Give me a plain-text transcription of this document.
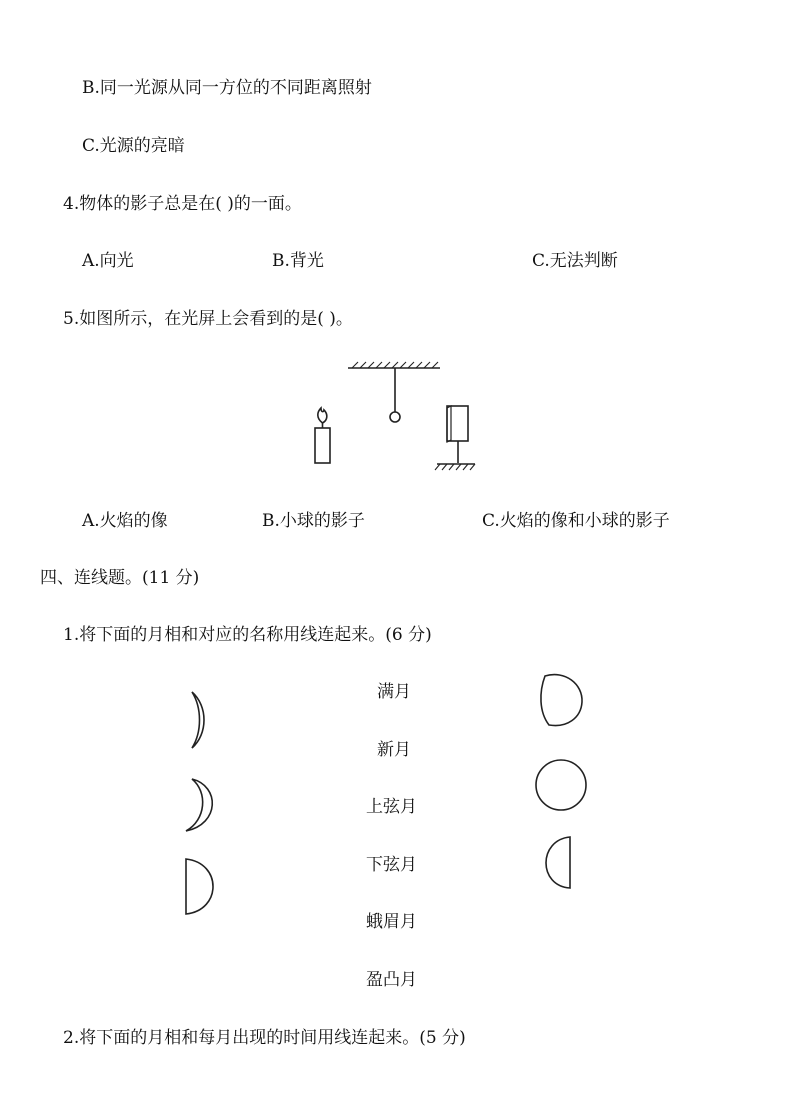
B.同一光源从同一方位的不同距离照射
C.光源的亮暗
4.物体的影子总是在( )的一面。
A.向光	B.背光	C.无法判断
5.如图所示，在光屏上会看到的是( )。
A.火焰的像	B.小球的影子	C.火焰的像和小球的影子
四、连线题。(11 分)
1.将下面的月相和对应的名称用线连起来。(6 分)
满月
新月
上弦月
下弦月
蛾眉月
盈凸月
2.将下面的月相和每月出现的时间用线连起来。(5 分)
